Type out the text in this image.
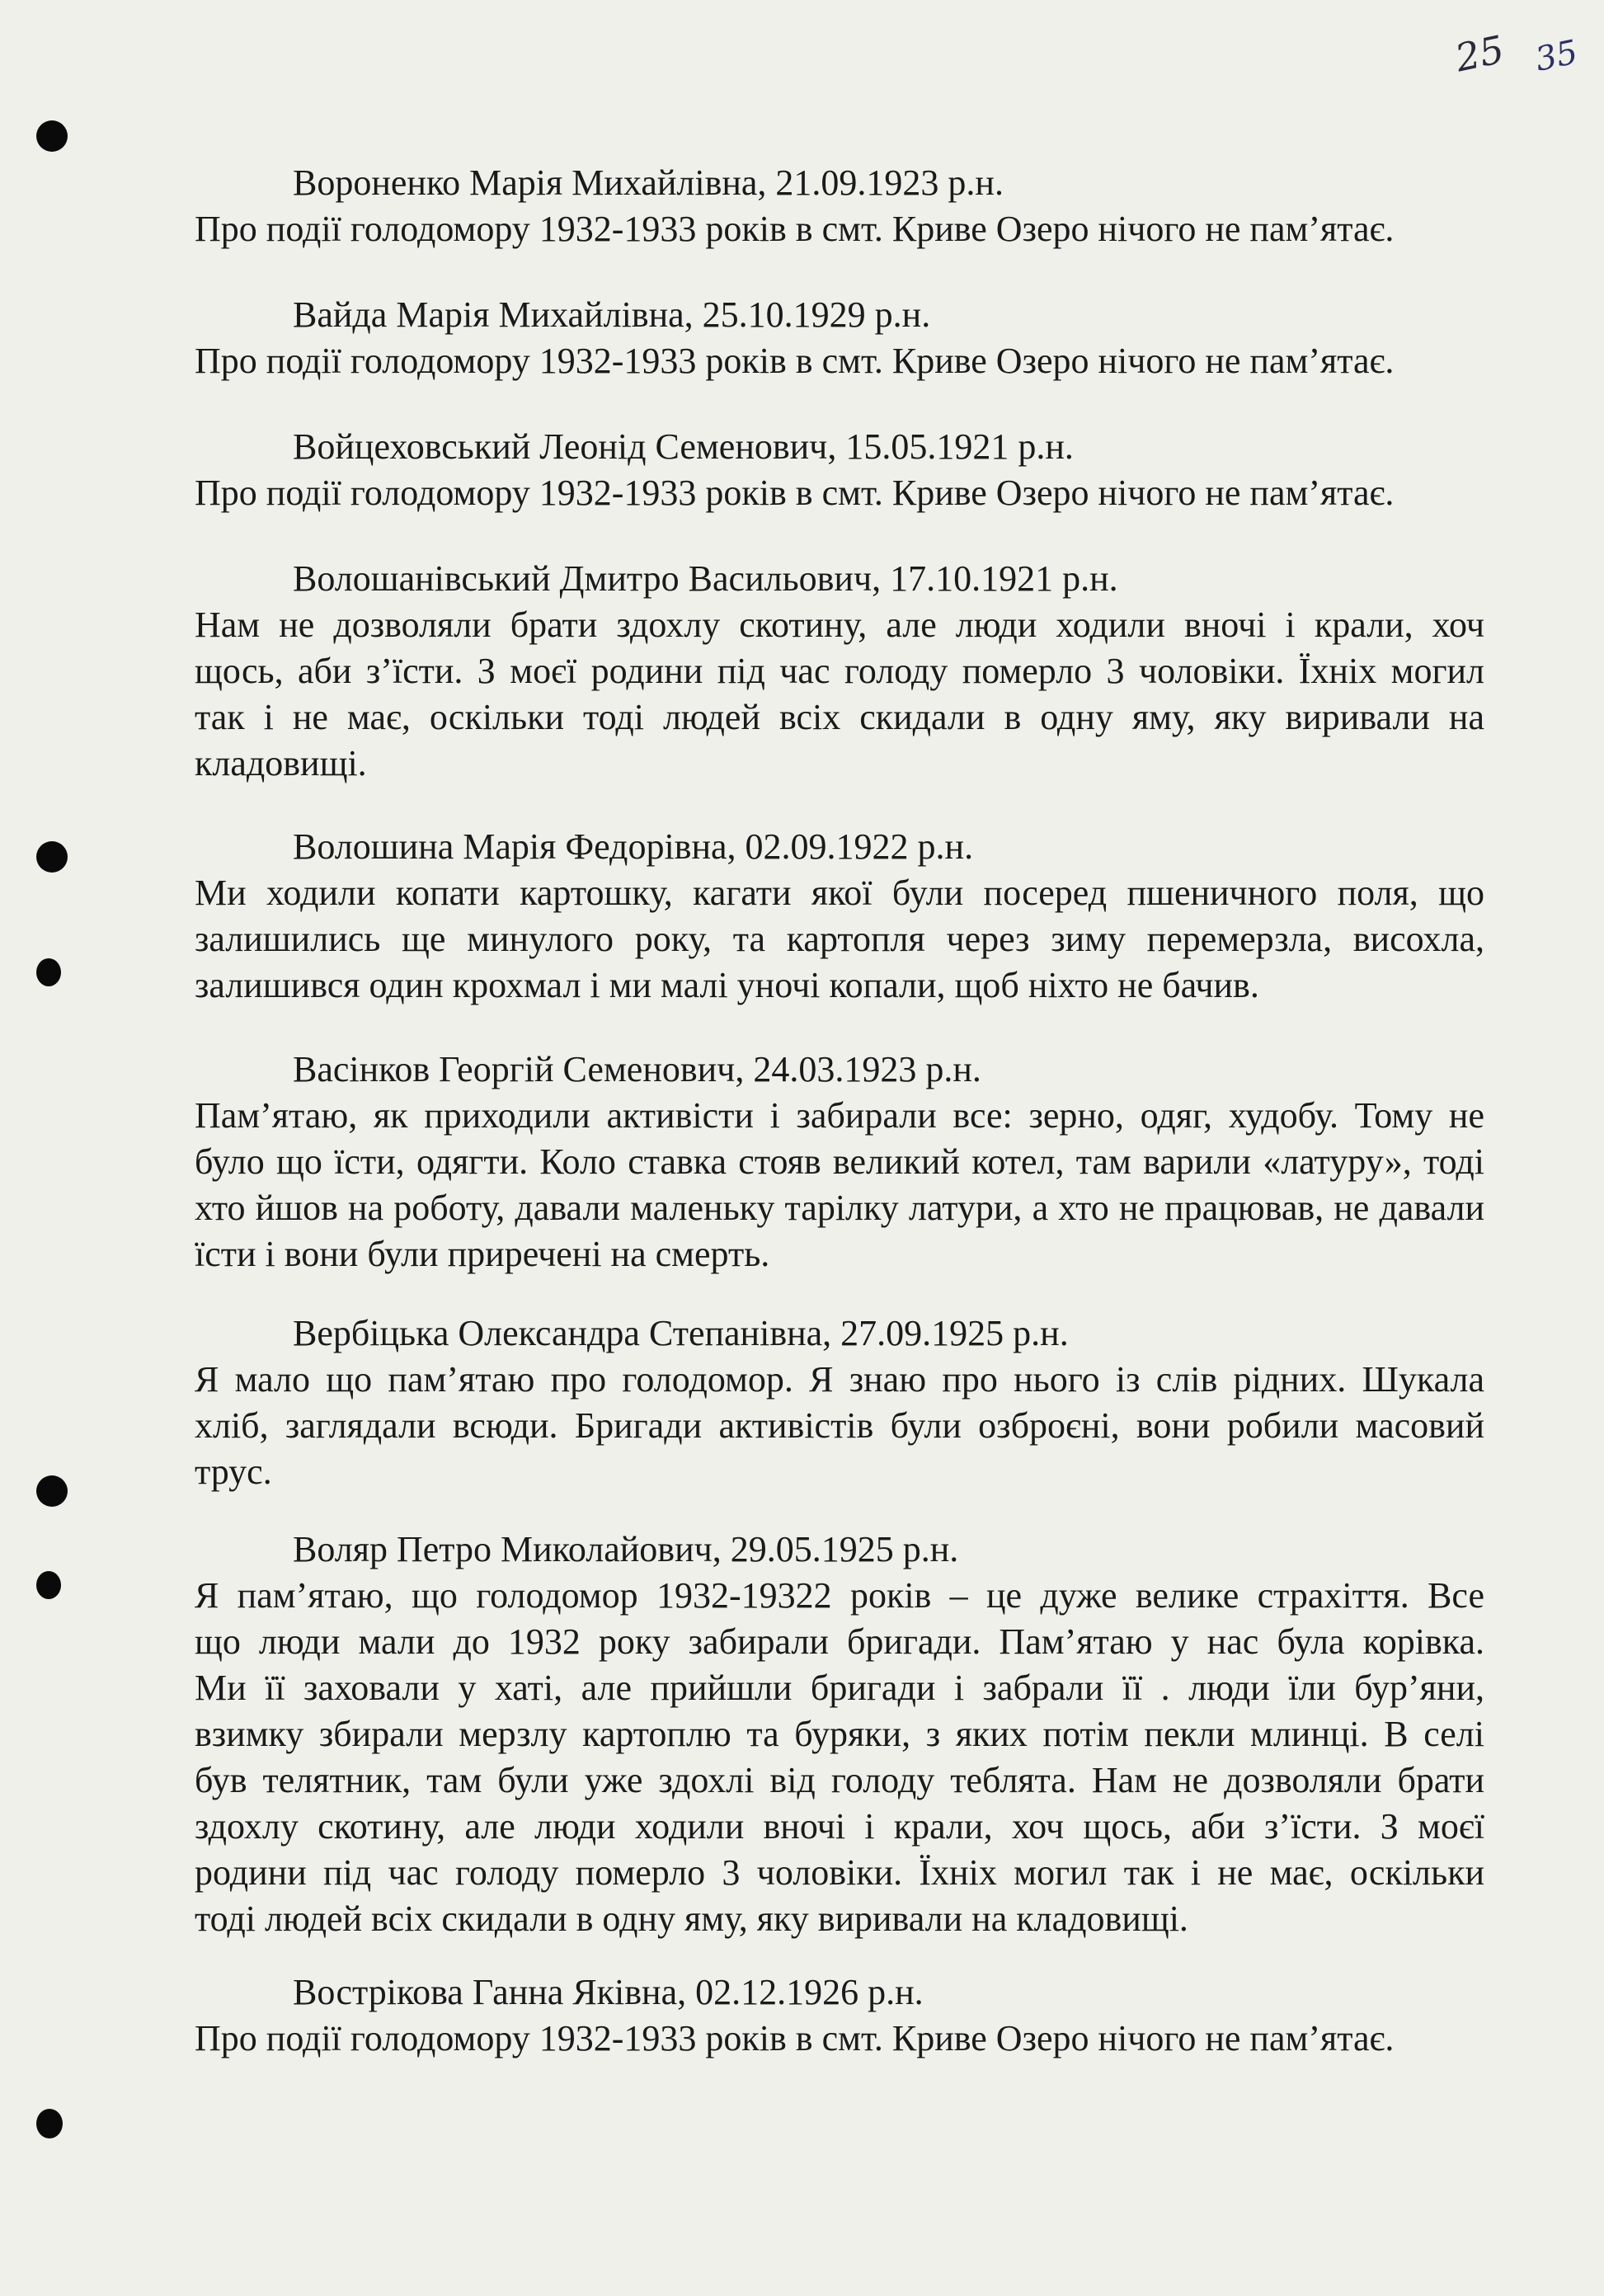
25 35
Вороненко Марія Михайлівна, 21.09.1923 р.н.
Про події голодомору 1932-1933 років в смт. Криве Озеро нічого не пам’ятає.
Вайда Марія Михайлівна, 25.10.1929 р.н.
Про події голодомору 1932-1933 років в смт. Криве Озеро нічого не пам’ятає.
Войцеховський Леонід Семенович, 15.05.1921 р.н.
Про події голодомору 1932-1933 років в смт. Криве Озеро нічого не пам’ятає.
Волошанівський Дмитро Васильович, 17.10.1921 р.н.
Нам не дозволяли брати здохлу скотину, але люди ходили вночі і крали, хоч
щось, аби з’їсти. З моєї родини під час голоду померло 3 чоловіки. Їхніх могил
так і не має, оскільки тоді людей всіх скидали в одну яму, яку виривали на
кладовищі.
Волошина Марія Федорівна, 02.09.1922 р.н.
Ми ходили копати картошку, кагати якої були посеред пшеничного поля, що
залишились ще минулого року, та картопля через зиму перемерзла, висохла,
залишився один крохмал і ми малі уночі копали, щоб ніхто не бачив.
Васінков Георгій Семенович, 24.03.1923 р.н.
Пам’ятаю, як приходили активісти і забирали все: зерно, одяг, худобу. Тому не
було що їсти, одягти. Коло ставка стояв великий котел, там варили «латуру», тоді
хто йшов на роботу, давали маленьку тарілку латури, а хто не працював, не давали
їсти і вони були приречені на смерть.
Вербіцька Олександра Степанівна, 27.09.1925 р.н.
Я мало що пам’ятаю про голодомор. Я знаю про нього із слів рідних. Шукала
хліб, заглядали всюди. Бригади активістів були озброєні, вони робили масовий
трус.
Воляр Петро Миколайович, 29.05.1925 р.н.
Я пам’ятаю, що голодомор 1932-19322 років – це дуже велике страхіття. Все
що люди мали до 1932 року забирали бригади. Пам’ятаю у нас була корівка.
Ми її заховали у хаті, але прийшли бригади і забрали її . люди їли бур’яни,
взимку збирали мерзлу картоплю та буряки, з яких потім пекли млинці. В селі
був телятник, там були уже здохлі від голоду теблята. Нам не дозволяли брати
здохлу скотину, але люди ходили вночі і крали, хоч щось, аби з’їсти. З моєї
родини під час голоду померло 3 чоловіки. Їхніх могил так і не має, оскільки
тоді людей всіх скидали в одну яму, яку виривали на кладовищі.
Вострікова Ганна Яківна, 02.12.1926 р.н.
Про події голодомору 1932-1933 років в смт. Криве Озеро нічого не пам’ятає.
